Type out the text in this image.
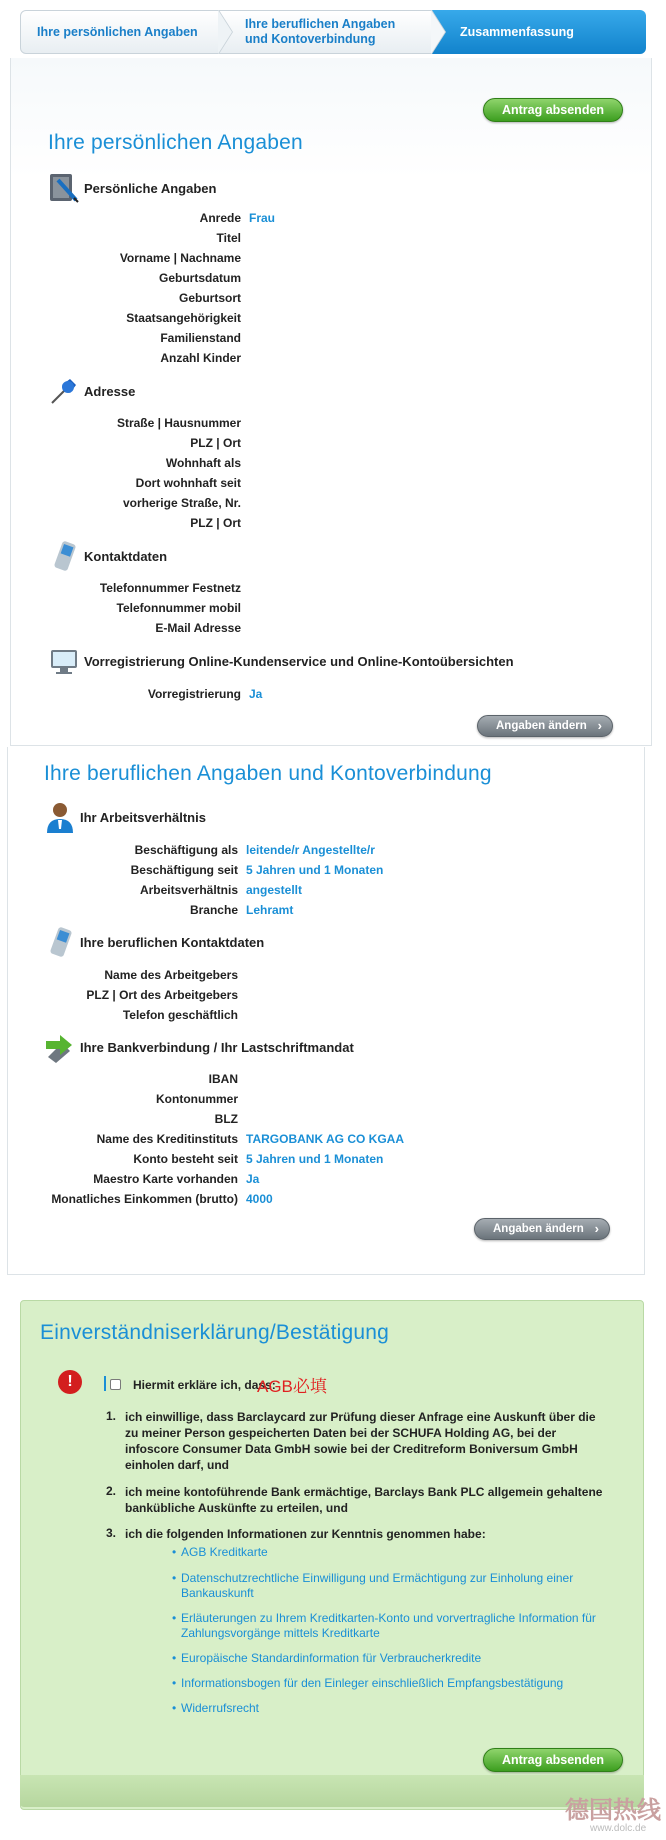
Ihre persönlichen Angaben
Ihre beruflichen Angaben
und Kontoverbindung	Zusammenfassung
Antrag absenden
Ihre persönlichen Angaben
Persönliche Angaben
Anrede Frau
Titel
Vorname | Nachname
Geburtsdatum
Geburtsort
Staatsangehörigkeit
Familienstand
Anzahl Kinder
Adresse
Straße | Hausnummer
PLZ | Ort
Wohnhaft als
Dort wohnhaft seit
vorherige Straße, Nr.
PLZ | Ort
Kontaktdaten
Telefonnummer Festnetz
Telefonnummer mobil
E-Mail Adresse
Vorregistrierung Online-Kundenservice und Online-Kontoübersichten
Vorregistrierung Ja
Angaben ändern ›
Ihre beruflichen Angaben und Kontoverbindung
Ihr Arbeitsverhältnis
Beschäftigung als leitende/r Angestellte/r
Beschäftigung seit 5 Jahren und 1 Monaten
Arbeitsverhältnis angestellt
Branche Lehramt
Ihre beruflichen Kontaktdaten
Name des Arbeitgebers
PLZ | Ort des Arbeitgebers
Telefon geschäftlich
Ihre Bankverbindung / Ihr Lastschriftmandat
IBAN
Kontonummer
BLZ
Name des Kreditinstituts TARGOBANK AG CO KGAA
Konto besteht seit 5 Jahren und 1 Monaten
Maestro Karte vorhanden Ja
Monatliches Einkommen (brutto) 4000
Angaben ändern ›
Einverständniserklärung/Bestätigung
!	Hiermit erkläre ich, dass:
AGB必填
1. ich einwillige, dass Barclaycard zur Prüfung dieser Anfrage eine Auskunft über die
zu meiner Person gespeicherten Daten bei der SCHUFA Holding AG, bei der
infoscore Consumer Data GmbH sowie bei der Creditreform Boniversum GmbH
einholen darf, und
2. ich meine kontoführende Bank ermächtige, Barclays Bank PLC allgemein gehaltene
bankübliche Auskünfte zu erteilen, und
3. ich die folgenden Informationen zur Kenntnis genommen habe:
• AGB Kreditkarte
• Datenschutzrechtliche Einwilligung und Ermächtigung zur Einholung einer
Bankauskunft
• Erläuterungen zu Ihrem Kreditkarten-Konto und vorvertragliche Information für
Zahlungsvorgänge mittels Kreditkarte
• Europäische Standardinformation für Verbraucherkredite
• Informationsbogen für den Einleger einschließlich Empfangsbestätigung
• Widerrufsrecht
Antrag absenden
德国热线
www.dolc.de
